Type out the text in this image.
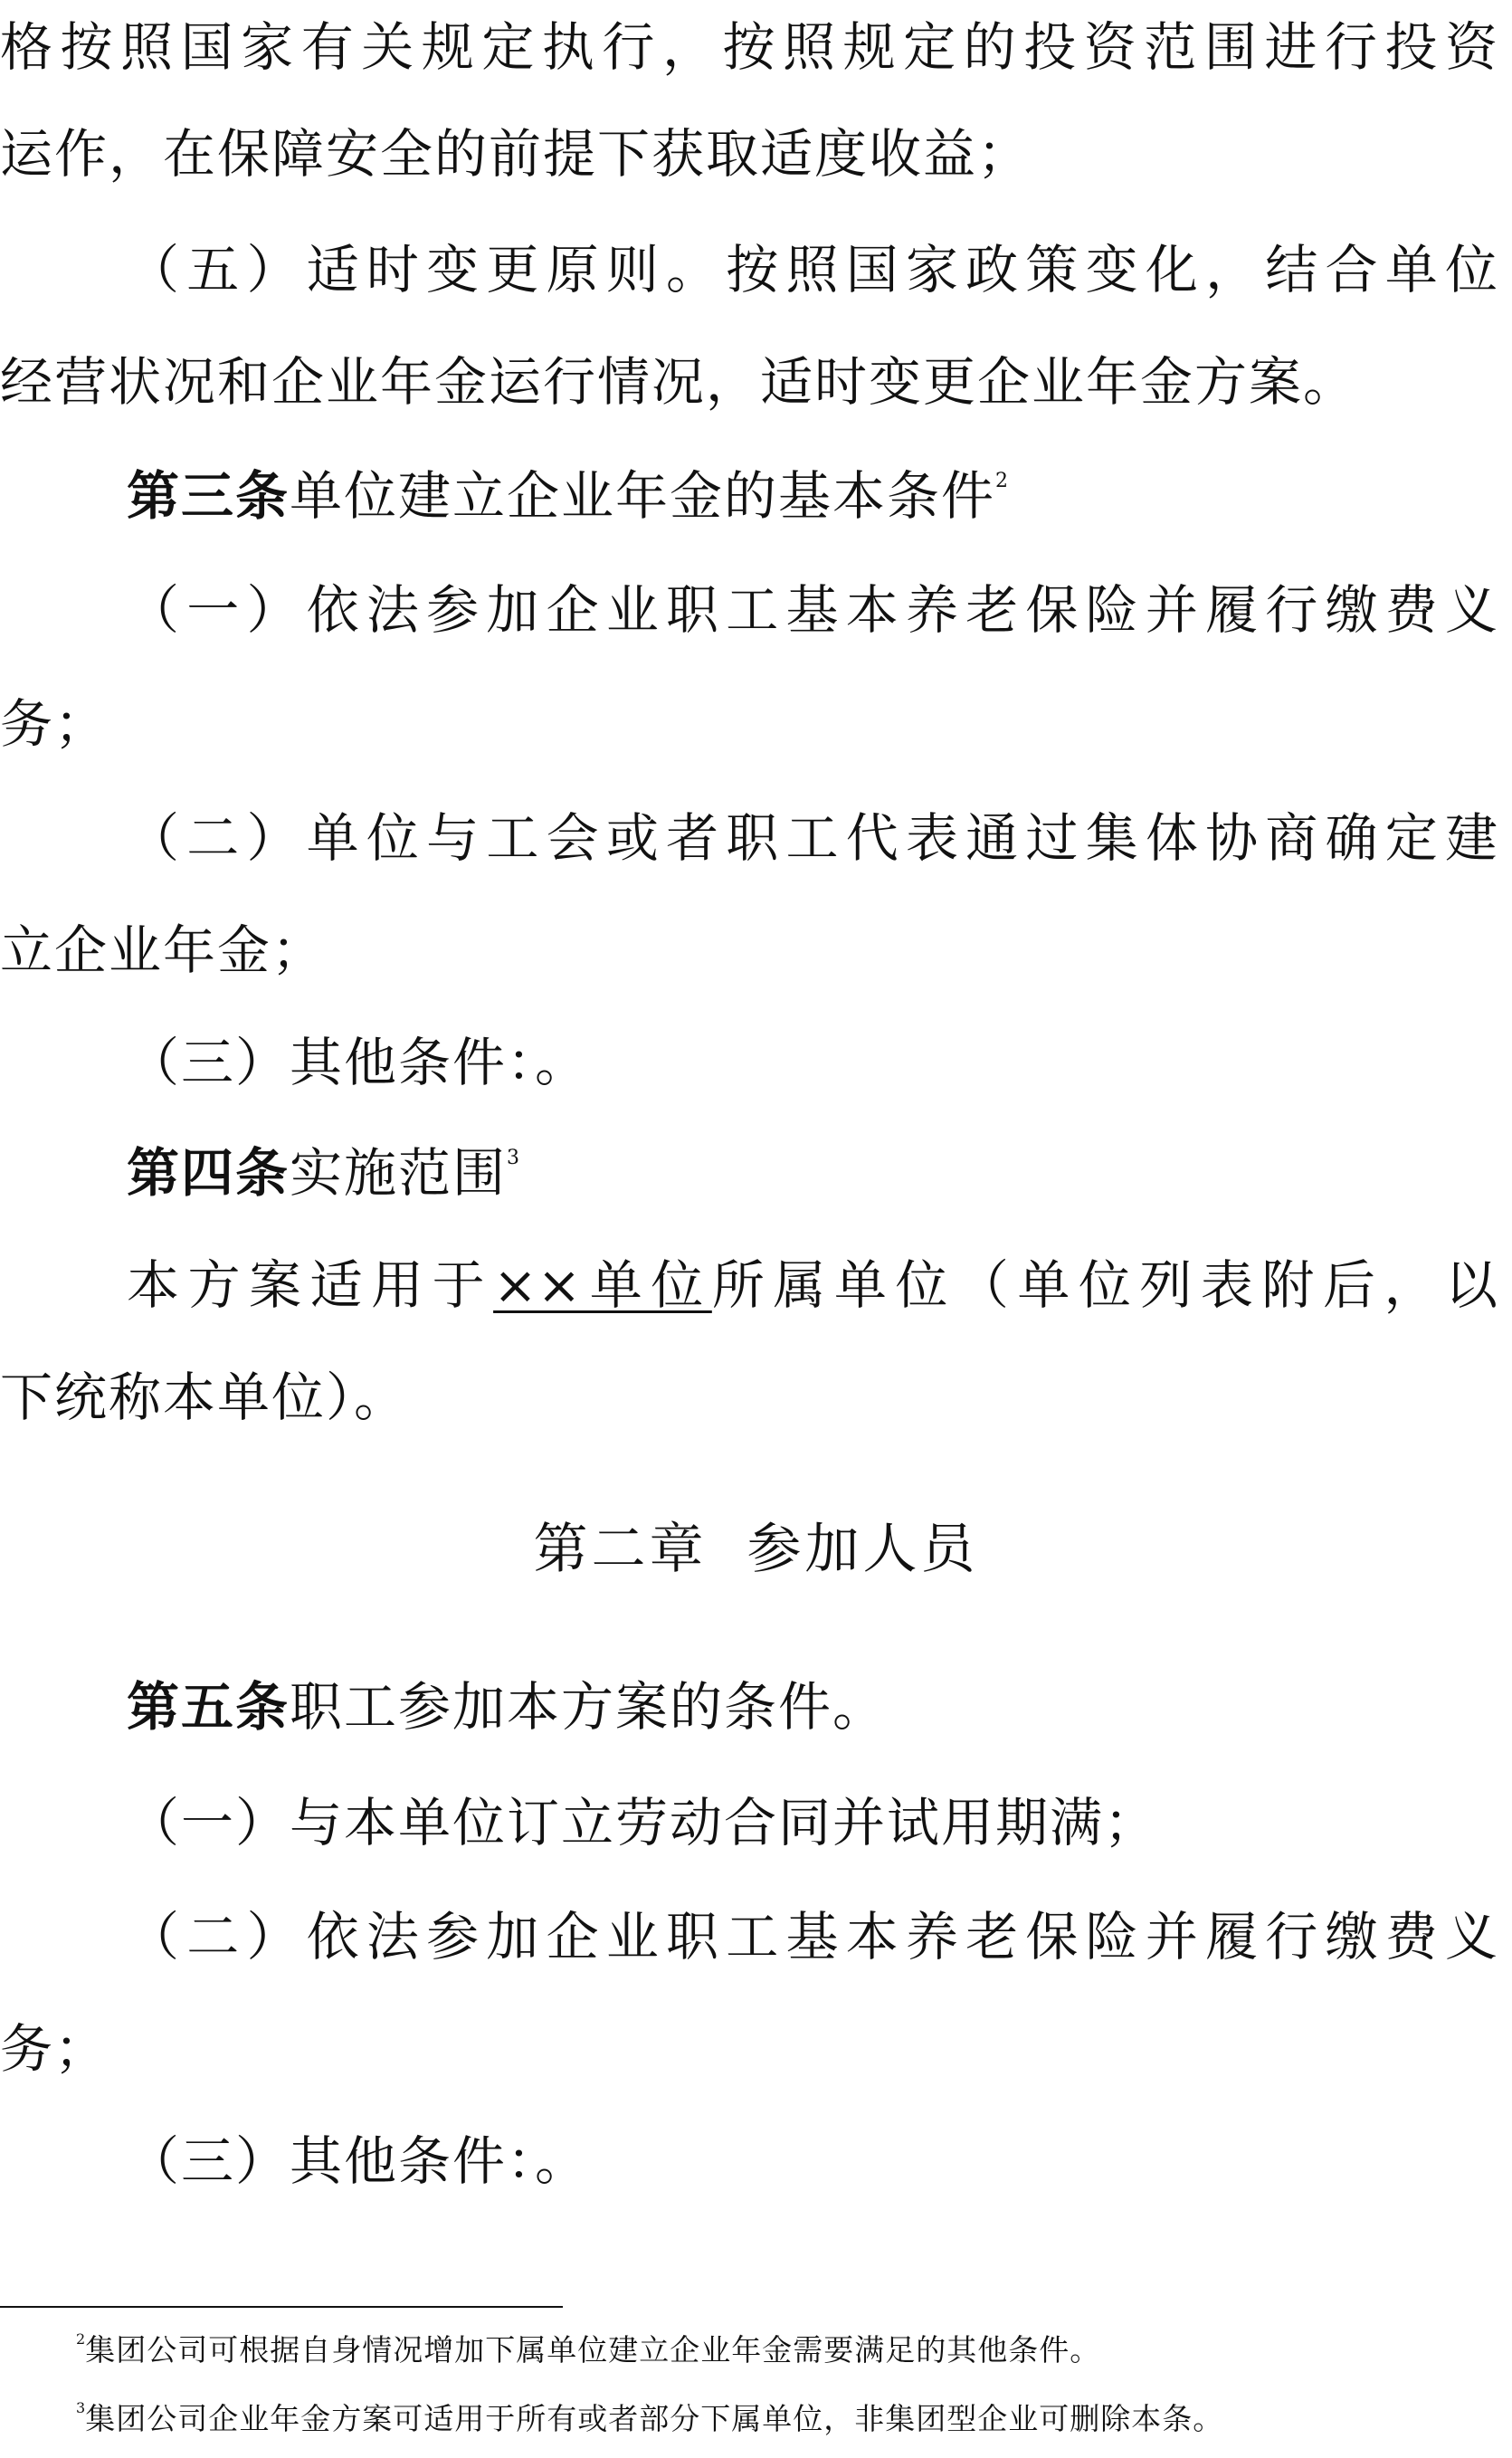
格按照国家有关规定执行，按照规定的投资范围进行投资
运作，在保障安全的前提下获取适度收益；
（五）适时变更原则。按照国家政策变化，结合单位
经营状况和企业年金运行情况，适时变更企业年金方案。
第三条单位建立企业年金的基本条件$^2$
（一）依法参加企业职工基本养老保险并履行缴费义
务；
（二）单位与工会或者职工代表通过集体协商确定建
立企业年金；
（三）其他条件：。
第四条实施范围$^3$
本方案适用于××单位所属单位（单位列表附后，以
下统称本单位）。
第二章 参加人员
第五条职工参加本方案的条件。
（一）与本单位订立劳动合同并试用期满；
（二）依法参加企业职工基本养老保险并履行缴费义
务；
（三）其他条件：。
$^2$集团公司可根据自身情况增加下属单位建立企业年金需要满足的其他条件。
$^3$集团公司企业年金方案可适用于所有或者部分下属单位，非集团型企业可删除本条。
